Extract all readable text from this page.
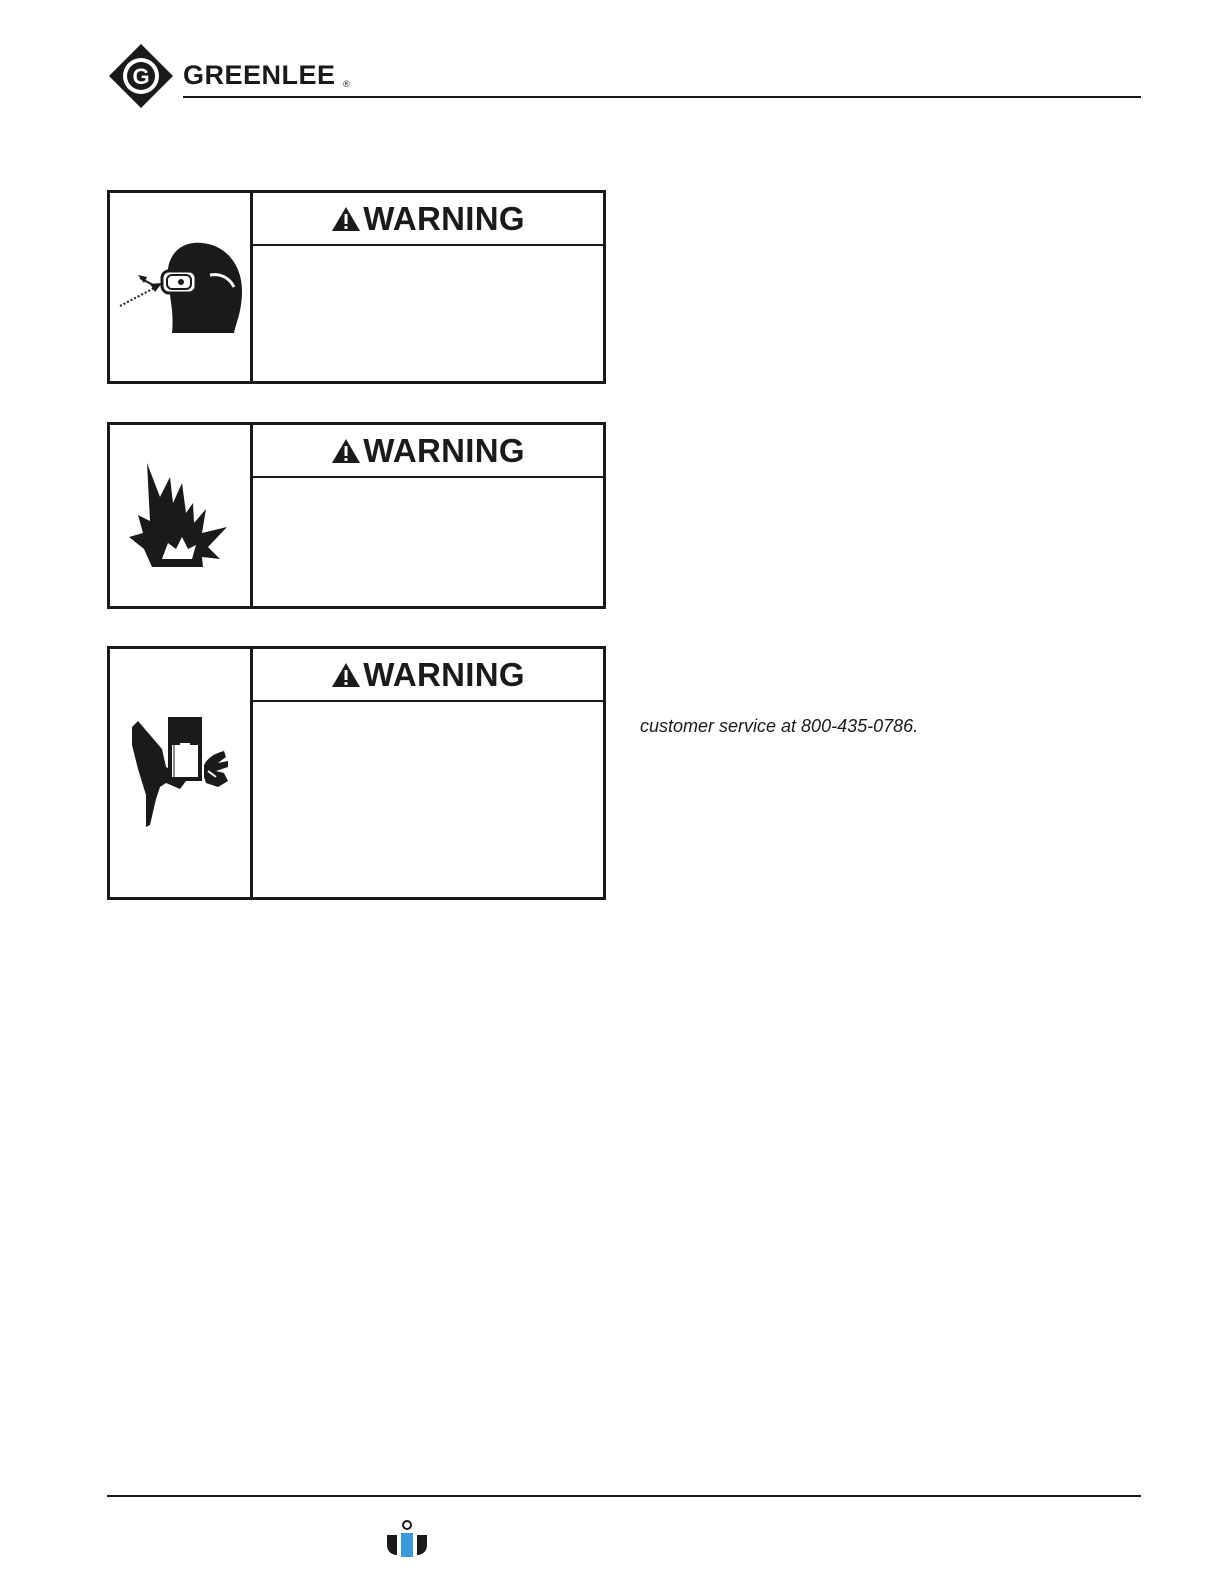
G GREENLEE ®
WARNING
WARNING
WARNING
customer service at 800-435-0786.
